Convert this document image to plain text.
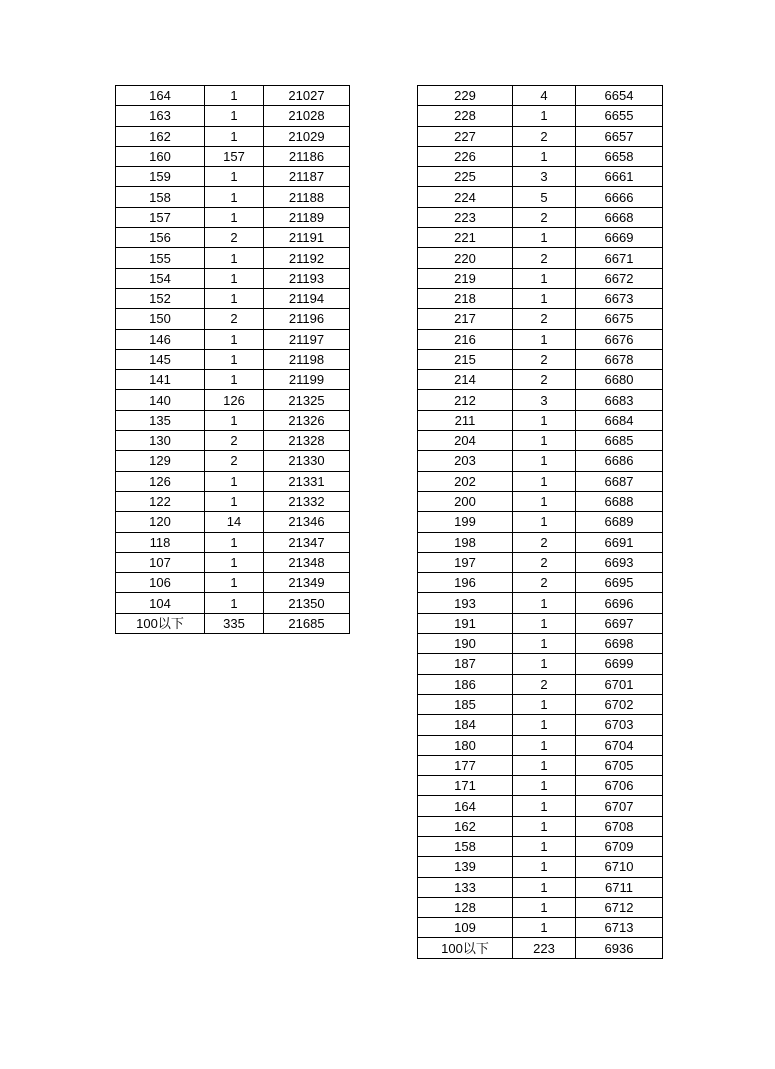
164	1	21027
163	1	21028
162	1	21029
160	157	21186
159	1	21187
158	1	21188
157	1	21189
156	2	21191
155	1	21192
154	1	21193
152	1	21194
150	2	21196
146	1	21197
145	1	21198
141	1	21199
140	126	21325
135	1	21326
130	2	21328
129	2	21330
126	1	21331
122	1	21332
120	14	21346
118	1	21347
107	1	21348
106	1	21349
104	1	21350
100以下	335	21685
229	4	6654
228	1	6655
227	2	6657
226	1	6658
225	3	6661
224	5	6666
223	2	6668
221	1	6669
220	2	6671
219	1	6672
218	1	6673
217	2	6675
216	1	6676
215	2	6678
214	2	6680
212	3	6683
211	1	6684
204	1	6685
203	1	6686
202	1	6687
200	1	6688
199	1	6689
198	2	6691
197	2	6693
196	2	6695
193	1	6696
191	1	6697
190	1	6698
187	1	6699
186	2	6701
185	1	6702
184	1	6703
180	1	6704
177	1	6705
171	1	6706
164	1	6707
162	1	6708
158	1	6709
139	1	6710
133	1	6711
128	1	6712
109	1	6713
100以下	223	6936
